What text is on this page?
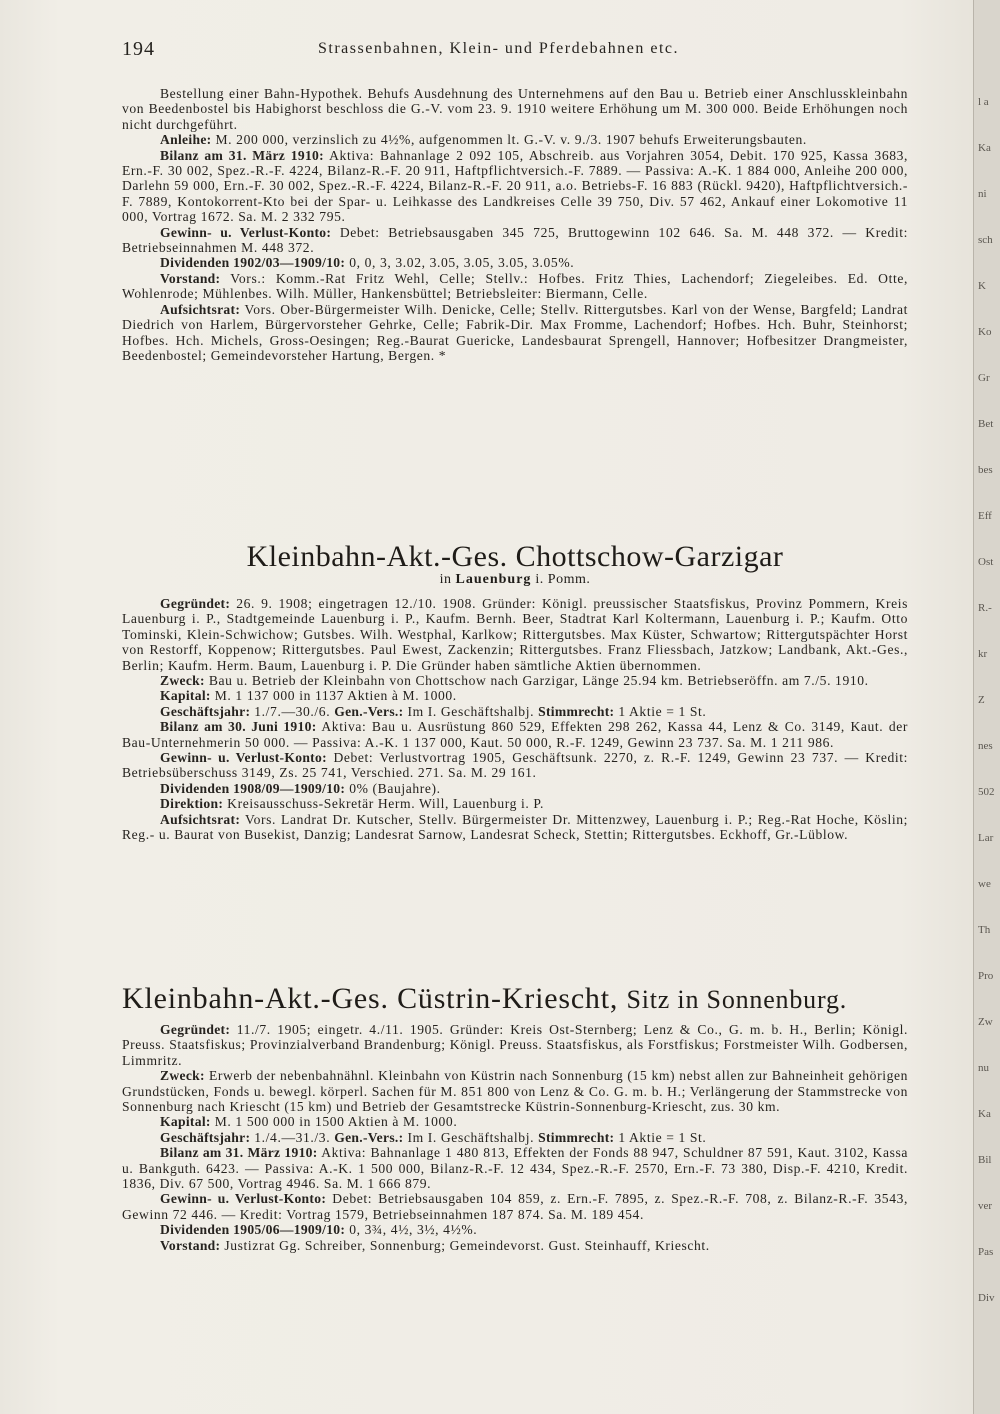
194	Strassenbahnen, Klein- und Pferdebahnen etc.

Bestellung einer Bahn-Hypothek. Behufs Ausdehnung des Unternehmens auf den Bau u. Betrieb einer Anschlusskleinbahn von Beedenbostel bis Habighorst beschloss die G.-V. vom 23. 9. 1910 weitere Erhöhung um M. 300 000. Beide Erhöhungen noch nicht durchgeführt.

Anleihe: M. 200 000, verzinslich zu 4½%, aufgenommen lt. G.-V. v. 9./3. 1907 behufs Erweiterungsbauten.

Bilanz am 31. März 1910: Aktiva: Bahnanlage 2 092 105, Abschreib. aus Vorjahren 3054, Debit. 170 925, Kassa 3683, Ern.-F. 30 002, Spez.-R.-F. 4224, Bilanz-R.-F. 20 911, Haftpflichtversich.-F. 7889. — Passiva: A.-K. 1 884 000, Anleihe 200 000, Darlehn 59 000, Ern.-F. 30 002, Spez.-R.-F. 4224, Bilanz-R.-F. 20 911, a.o. Betriebs-F. 16 883 (Rückl. 9420), Haftpflichtversich.-F. 7889, Kontokorrent-Kto bei der Spar- u. Leihkasse des Landkreises Celle 39 750, Div. 57 462, Ankauf einer Lokomotive 11 000, Vortrag 1672. Sa. M. 2 332 795.

Gewinn- u. Verlust-Konto: Debet: Betriebsausgaben 345 725, Bruttogewinn 102 646. Sa. M. 448 372. — Kredit: Betriebseinnahmen M. 448 372.

Dividenden 1902/03—1909/10: 0, 0, 3, 3.02, 3.05, 3.05, 3.05, 3.05%.

Vorstand: Vors.: Komm.-Rat Fritz Wehl, Celle; Stellv.: Hofbes. Fritz Thies, Lachendorf; Ziegeleibes. Ed. Otte, Wohlenrode; Mühlenbes. Wilh. Müller, Hankensbüttel; Betriebsleiter: Biermann, Celle.

Aufsichtsrat: Vors. Ober-Bürgermeister Wilh. Denicke, Celle; Stellv. Rittergutsbes. Karl von der Wense, Bargfeld; Landrat Diedrich von Harlem, Bürgervorsteher Gehrke, Celle; Fabrik-Dir. Max Fromme, Lachendorf; Hofbes. Hch. Buhr, Steinhorst; Hofbes. Hch. Michels, Gross-Oesingen; Reg.-Baurat Guericke, Landesbaurat Sprengell, Hannover; Hofbesitzer Drangmeister, Beedenbostel; Gemeindevorsteher Hartung, Bergen. *

Kleinbahn-Akt.-Ges. Chottschow-Garzigar
in Lauenburg i. Pomm.

Gegründet: 26. 9. 1908; eingetragen 12./10. 1908. Gründer: Königl. preussischer Staatsfiskus, Provinz Pommern, Kreis Lauenburg i. P., Stadtgemeinde Lauenburg i. P., Kaufm. Bernh. Beer, Stadtrat Karl Koltermann, Lauenburg i. P.; Kaufm. Otto Tominski, Klein-Schwichow; Gutsbes. Wilh. Westphal, Karlkow; Rittergutsbes. Max Küster, Schwartow; Rittergutspächter Horst von Restorff, Koppenow; Rittergutsbes. Paul Ewest, Zackenzin; Rittergutsbes. Franz Fliessbach, Jatzkow; Landbank, Akt.-Ges., Berlin; Kaufm. Herm. Baum, Lauenburg i. P. Die Gründer haben sämtliche Aktien übernommen.

Zweck: Bau u. Betrieb der Kleinbahn von Chottschow nach Garzigar, Länge 25.94 km. Betriebseröffn. am 7./5. 1910.

Kapital: M. 1 137 000 in 1137 Aktien à M. 1000.

Geschäftsjahr: 1./7.—30./6. Gen.-Vers.: Im I. Geschäftshalbj. Stimmrecht: 1 Aktie = 1 St.

Bilanz am 30. Juni 1910: Aktiva: Bau u. Ausrüstung 860 529, Effekten 298 262, Kassa 44, Lenz & Co. 3149, Kaut. der Bau-Unternehmerin 50 000. — Passiva: A.-K. 1 137 000, Kaut. 50 000, R.-F. 1249, Gewinn 23 737. Sa. M. 1 211 986.

Gewinn- u. Verlust-Konto: Debet: Verlustvortrag 1905, Geschäftsunk. 2270, z. R.-F. 1249, Gewinn 23 737. — Kredit: Betriebsüberschuss 3149, Zs. 25 741, Verschied. 271. Sa. M. 29 161.

Dividenden 1908/09—1909/10: 0% (Baujahre).

Direktion: Kreisausschuss-Sekretär Herm. Will, Lauenburg i. P.

Aufsichtsrat: Vors. Landrat Dr. Kutscher, Stellv. Bürgermeister Dr. Mittenzwey, Lauenburg i. P.; Reg.-Rat Hoche, Köslin; Reg.- u. Baurat von Busekist, Danzig; Landesrat Sarnow, Landesrat Scheck, Stettin; Rittergutsbes. Eckhoff, Gr.-Lüblow.

Kleinbahn-Akt.-Ges. Cüstrin-Kriescht, Sitz in Sonnenburg.

Gegründet: 11./7. 1905; eingetr. 4./11. 1905. Gründer: Kreis Ost-Sternberg; Lenz & Co., G. m. b. H., Berlin; Königl. Preuss. Staatsfiskus; Provinzialverband Brandenburg; Königl. Preuss. Staatsfiskus, als Forstfiskus; Forstmeister Wilh. Godbersen, Limmritz.

Zweck: Erwerb der nebenbahnähnl. Kleinbahn von Küstrin nach Sonnenburg (15 km) nebst allen zur Bahneinheit gehörigen Grundstücken, Fonds u. bewegl. körperl. Sachen für M. 851 800 von Lenz & Co. G. m. b. H.; Verlängerung der Stammstrecke von Sonnenburg nach Kriescht (15 km) und Betrieb der Gesamtstrecke Küstrin-Sonnenburg-Kriescht, zus. 30 km.

Kapital: M. 1 500 000 in 1500 Aktien à M. 1000.

Geschäftsjahr: 1./4.—31./3. Gen.-Vers.: Im I. Geschäftshalbj. Stimmrecht: 1 Aktie = 1 St.

Bilanz am 31. März 1910: Aktiva: Bahnanlage 1 480 813, Effekten der Fonds 88 947, Schuldner 87 591, Kaut. 3102, Kassa u. Bankguth. 6423. — Passiva: A.-K. 1 500 000, Bilanz-R.-F. 12 434, Spez.-R.-F. 2570, Ern.-F. 73 380, Disp.-F. 4210, Kredit. 1836, Div. 67 500, Vortrag 4946. Sa. M. 1 666 879.

Gewinn- u. Verlust-Konto: Debet: Betriebsausgaben 104 859, z. Ern.-F. 7895, z. Spez.-R.-F. 708, z. Bilanz-R.-F. 3543, Gewinn 72 446. — Kredit: Vortrag 1579, Betriebseinnahmen 187 874. Sa. M. 189 454.

Dividenden 1905/06—1909/10: 0, 3¾, 4½, 3½, 4½%.

Vorstand: Justizrat Gg. Schreiber, Sonnenburg; Gemeindevorst. Gust. Steinhauff, Kriescht.

l a
Ka
ni
sch
K
Ko
Gr
Bet
bes
Eff
Ost
R.-
kr
Z
nes
502
Lar
we
Th
Pro
Zw
nu
Ka
Bil
ver
Pas
Div
